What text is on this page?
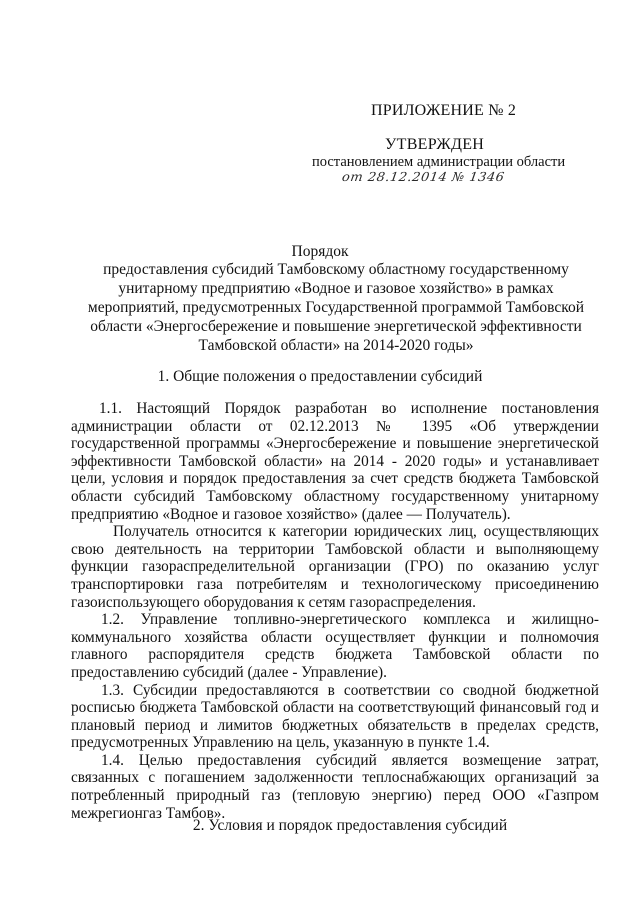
ПРИЛОЖЕНИЕ № 2
УТВЕРЖДЕН
постановлением администрации области
от 28.12.2014 № 1346
Порядок
предоставления субсидий Тамбовскому областному государственному унитарному предприятию «Водное и газовое хозяйство» в рамках мероприятий, предусмотренных Государственной программой Тамбовской области «Энергосбережение и повышение энергетической эффективности Тамбовской области» на 2014-2020 годы»
1. Общие положения о предоставлении субсидий

1.1. Настоящий Порядок разработан во исполнение постановления администрации области от 02.12.2013 № 1395 «Об утверждении государственной программы «Энергосбережение и повышение энергетической эффективности Тамбовской области» на 2014 - 2020 годы» и устанавливает цели, условия и порядок предоставления за счет средств бюджета Тамбовской области субсидий Тамбовскому областному государственному унитарному предприятию «Водное и газовое хозяйство» (далее — Получатель).

Получатель относится к категории юридических лиц, осуществляющих свою деятельность на территории Тамбовской области и выполняющему функции газораспределительной организации (ГРО) по оказанию услуг транспортировки газа потребителям и технологическому присоединению газоиспользующего оборудования к сетям газораспределения.

1.2. Управление топливно-энергетического комплекса и жилищно-коммунального хозяйства области осуществляет функции и полномочия главного распорядителя средств бюджета Тамбовской области по предоставлению субсидий (далее - Управление).

1.3. Субсидии предоставляются в соответствии со сводной бюджетной росписью бюджета Тамбовской области на соответствующий финансовый год и плановый период и лимитов бюджетных обязательств в пределах средств, предусмотренных Управлению на цель, указанную в пункте 1.4.

1.4. Целью предоставления субсидий является возмещение затрат, связанных с погашением задолженности теплоснабжающих организаций за потребленный природный газ (тепловую энергию) перед ООО «Газпром межрегионгаз Тамбов».

2. Условия и порядок предоставления субсидий
